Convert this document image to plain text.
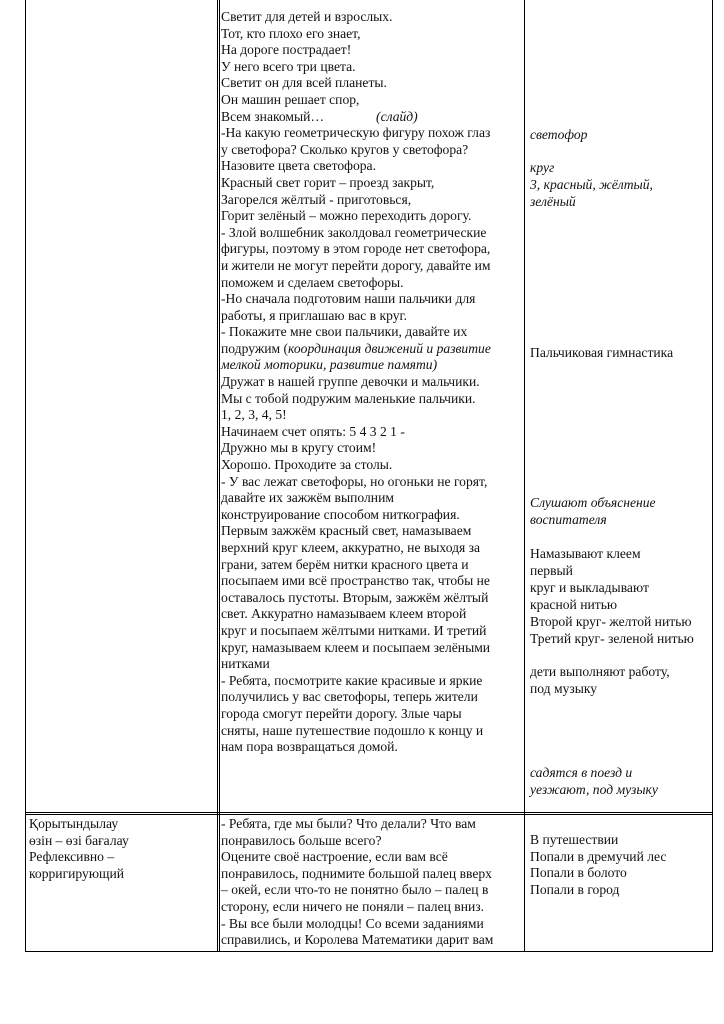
Светит для детей и взрослых.
Тот, кто плохо его знает,
На дороге пострадает!
У него всего три цвета.
Светит он для всей планеты.
Он машин решает спор,
Всем знакомый…	(слайд)
-На какую геометрическую фигуру похож глаз
у светофора? Сколько кругов у светофора?
Назовите цвета светофора.
Красный свет горит – проезд закрыт,
Загорелся жёлтый - приготовься,
Горит зелёный – можно переходить дорогу.
- Злой волшебник заколдовал геометрические
фигуры, поэтому в этом городе нет светофора,
и жители не могут перейти дорогу, давайте им
поможем и сделаем светофоры.
-Но сначала подготовим наши пальчики для
работы, я приглашаю вас в круг.
- Покажите мне свои пальчики, давайте их
подружим (координация движений и развитие
мелкой моторики, развитие памяти)
Дружат в нашей группе девочки и мальчики.
Мы с тобой подружим маленькие пальчики.
1, 2, 3, 4, 5!
Начинаем счет опять: 5 4 3 2 1 -
Дружно мы в кругу стоим!
Хорошо. Проходите за столы.
- У вас лежат светофоры, но огоньки не горят,
давайте их зажжём выполним
конструирование способом ниткография.
Первым зажжём красный свет, намазываем
верхний круг клеем, аккуратно, не выходя за
грани, затем берём нитки красного цвета и
посыпаем ими всё пространство так, чтобы не
оставалось пустоты. Вторым, зажжём жёлтый
свет. Аккуратно намазываем клеем второй
круг и посыпаем жёлтыми нитками. И третий
круг, намазываем клеем и посыпаем зелёными
нитками
- Ребята, посмотрите какие красивые и яркие
получились у вас светофоры, теперь жители
города смогут перейти дорогу. Злые чары
сняты, наше путешествие подошло к концу и
нам пора возвращаться домой.
светофор
круг
3, красный, жёлтый,
зелёный
Пальчиковая гимнастика
Слушают объяснение
воспитателя
Намазывают клеем
первый
круг и выкладывают
красной нитью
Второй круг- желтой нитью
Третий круг- зеленой нитью
дети выполняют работу,
под музыку
садятся в поезд и
уезжают, под музыку
Қорытындылау
өзін – өзі бағалау
Рефлексивно –
корригирующий
- Ребята, где мы были? Что делали? Что вам
понравилось больше всего?
Оцените своё настроение, если вам всё
понравилось, поднимите большой палец вверх
– окей, если что-то не понятно было – палец в
сторону, если ничего не поняли – палец вниз.
- Вы все были молодцы! Со всеми заданиями
справились, и Королева Математики дарит вам
В путешествии
Попали в дремучий лес
Попали в болото
Попали в город
